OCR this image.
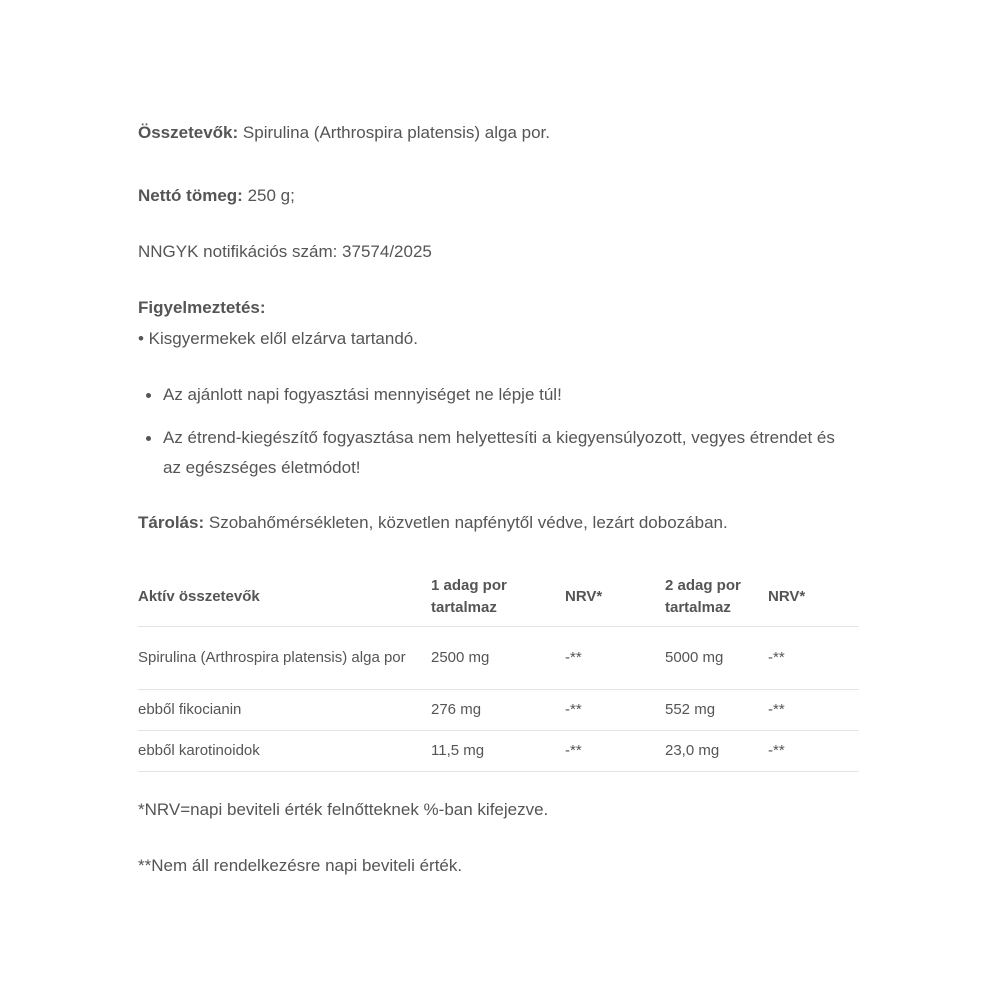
Összetevők: Spirulina (Arthrospira platensis) alga por.
Nettó tömeg: 250 g;
NNGYK notifikációs szám: 37574/2025
Figyelmeztetés:
• Kisgyermekek elől elzárva tartandó.
Az ajánlott napi fogyasztási mennyiséget ne lépje túl!
Az étrend-kiegészítő fogyasztása nem helyettesíti a kiegyensúlyozott, vegyes étrendet és az egészséges életmódot!
Tárolás: Szobahőmérsékleten, közvetlen napfénytől védve, lezárt dobozában.
Aktív összetevők	1 adag por tartalmaz	NRV*	2 adag por tartalmaz	NRV*

Spirulina (Arthrospira platensis) alga por	2500 mg	-**	5000 mg	-**
ebből fikocianin	276 mg	-**	552 mg	-**
ebből karotinoidok	11,5 mg	-**	23,0 mg	-**
*NRV=napi beviteli érték felnőtteknek %-ban kifejezve.
**Nem áll rendelkezésre napi beviteli érték.
